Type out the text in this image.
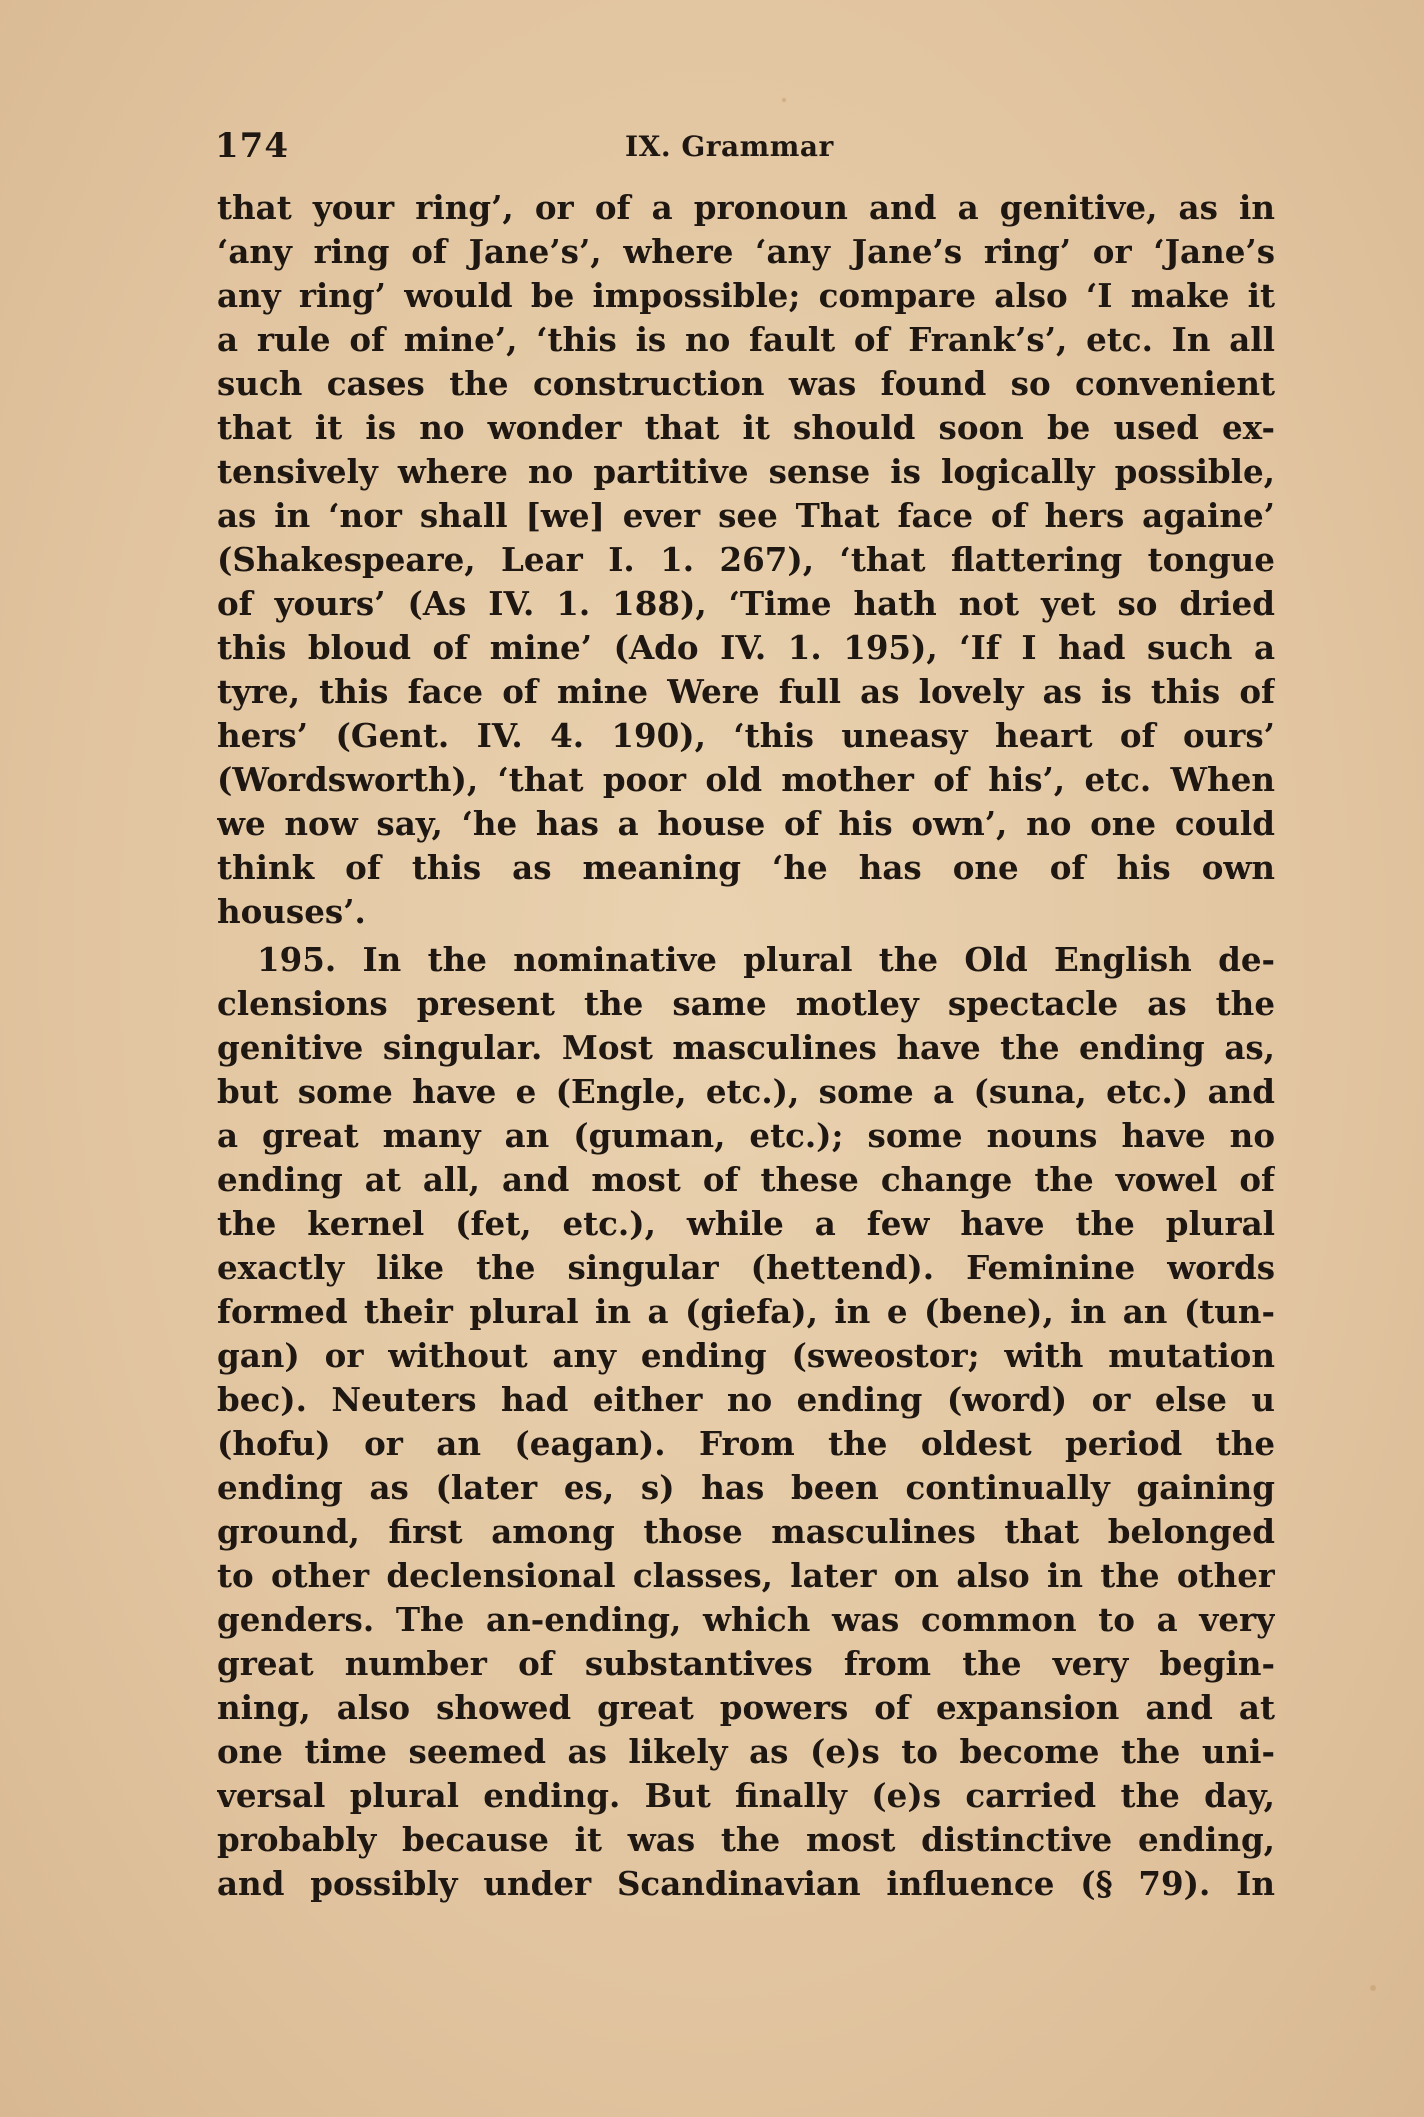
174	IX. Grammar
that your ring’, or of a pronoun and a genitive, as in
‘any ring of Jane’s’, where ‘any Jane’s ring’ or ‘Jane’s
any ring’ would be impossible; compare also ‘I make it
a rule of mine’, ‘this is no fault of Frank’s’, etc. In all
such cases the construction was found so convenient
that it is no wonder that it should soon be used ex-
tensively where no partitive sense is logically possible,
as in ‘nor shall [we] ever see That face of hers againe’
(Shakespeare, Lear I. 1. 267), ‘that flattering tongue
of yours’ (As IV. 1. 188), ‘Time hath not yet so dried
this bloud of mine’ (Ado IV. 1. 195), ‘If I had such a
tyre, this face of mine Were full as lovely as is this of
hers’ (Gent. IV. 4. 190), ‘this uneasy heart of ours’
(Wordsworth), ‘that poor old mother of his’, etc. When
we now say, ‘he has a house of his own’, no one could
think of this as meaning ‘he has one of his own
houses’.
195. In the nominative plural the Old English de-
clensions present the same motley spectacle as the
genitive singular. Most masculines have the ending as,
but some have e (Engle, etc.), some a (suna, etc.) and
a great many an (guman, etc.); some nouns have no
ending at all, and most of these change the vowel of
the kernel (fet, etc.), while a few have the plural
exactly like the singular (hettend). Feminine words
formed their plural in a (giefa), in e (bene), in an (tun-
gan) or without any ending (sweostor; with mutation
bec). Neuters had either no ending (word) or else u
(hofu) or an (eagan). From the oldest period the
ending as (later es, s) has been continually gaining
ground, first among those masculines that belonged
to other declensional classes, later on also in the other
genders. The an-ending, which was common to a very
great number of substantives from the very begin-
ning, also showed great powers of expansion and at
one time seemed as likely as (e)s to become the uni-
versal plural ending. But finally (e)s carried the day,
probably because it was the most distinctive ending,
and possibly under Scandinavian influence (§ 79). In
